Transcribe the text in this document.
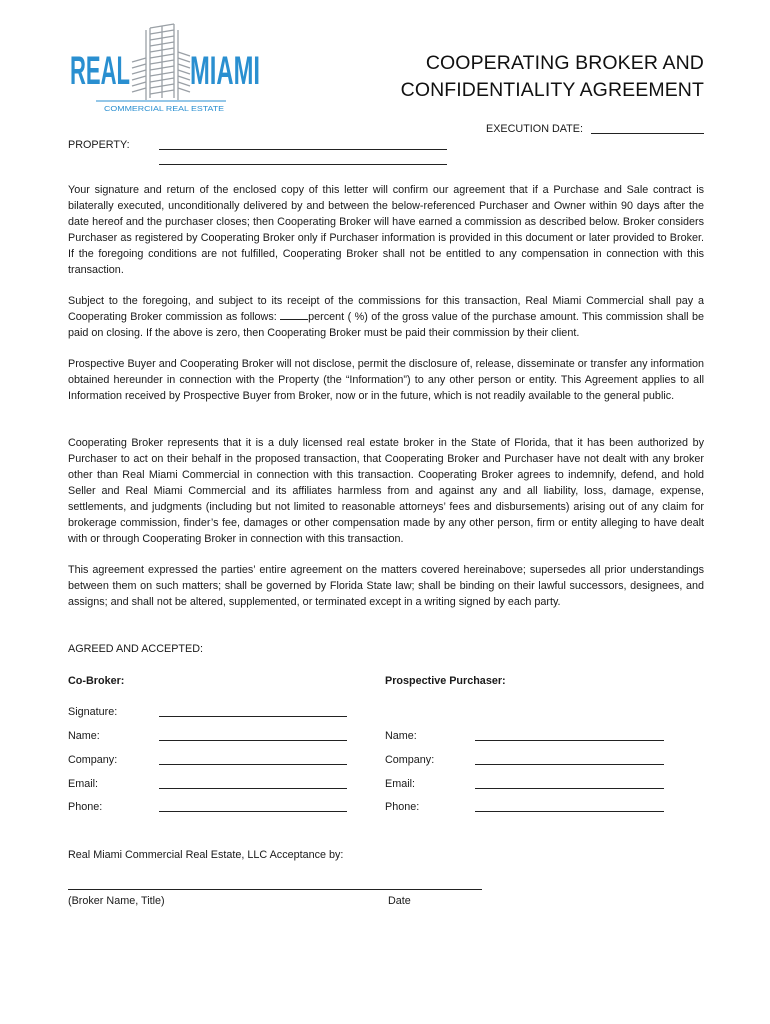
REAL MIAMI
COMMERCIAL REAL ESTATE
COOPERATING BROKER AND
CONFIDENTIALITY AGREEMENT
EXECUTION DATE:
PROPERTY:
Your signature and return of the enclosed copy of this letter will confirm our agreement that if a Purchase and Sale contract is bilaterally executed, unconditionally delivered by and between the below-referenced Purchaser and Owner within 90 days after the date hereof and the purchaser closes; then Cooperating Broker will have earned a commission as described below. Broker considers Purchaser as registered by Cooperating Broker only if Purchaser information is provided in this document or later provided to Broker. If the foregoing conditions are not fulfilled, Cooperating Broker shall not be entitled to any compensation in connection with this transaction.

Subject to the foregoing, and subject to its receipt of the commissions for this transaction, Real Miami Commercial shall pay a Cooperating Broker commission as follows:	percent ( %) of the gross value of the purchase amount. This commission shall be paid on closing. If the above is zero, then Cooperating Broker must be paid their commission by their client.

Prospective Buyer and Cooperating Broker will not disclose, permit the disclosure of, release, disseminate or transfer any information obtained hereunder in connection with the Property (the “Information”) to any other person or entity. This Agreement applies to all Information received by Prospective Buyer from Broker, now or in the future, which is not readily available to the general public.
Cooperating Broker represents that it is a duly licensed real estate broker in the State of Florida, that it has been authorized by Purchaser to act on their behalf in the proposed transaction, that Cooperating Broker and Purchaser have not dealt with any broker other than Real Miami Commercial in connection with this transaction. Cooperating Broker agrees to indemnify, defend, and hold Seller and Real Miami Commercial and its affiliates harmless from and against any and all liability, loss, damage, expense, settlements, and judgments (including but not limited to reasonable attorneys’ fees and disbursements) arising out of any claim for brokerage commission, finder’s fee, damages or other compensation made by any other person, firm or entity alleging to have dealt with or through Cooperating Broker in connection with this transaction.
This agreement expressed the parties’ entire agreement on the matters covered hereinabove; supersedes all prior understandings between them on such matters; shall be governed by Florida State law; shall be binding on their lawful successors, designees, and assigns; and shall not be altered, supplemented, or terminated except in a writing signed by each party.
AGREED AND ACCEPTED:
Co-Broker:
Signature:
Name:
Company:
Email:
Phone:
Prospective Purchaser:
Name:
Company:
Email:
Phone:
Real Miami Commercial Real Estate, LLC Acceptance by:
(Broker Name, Title)	Date
